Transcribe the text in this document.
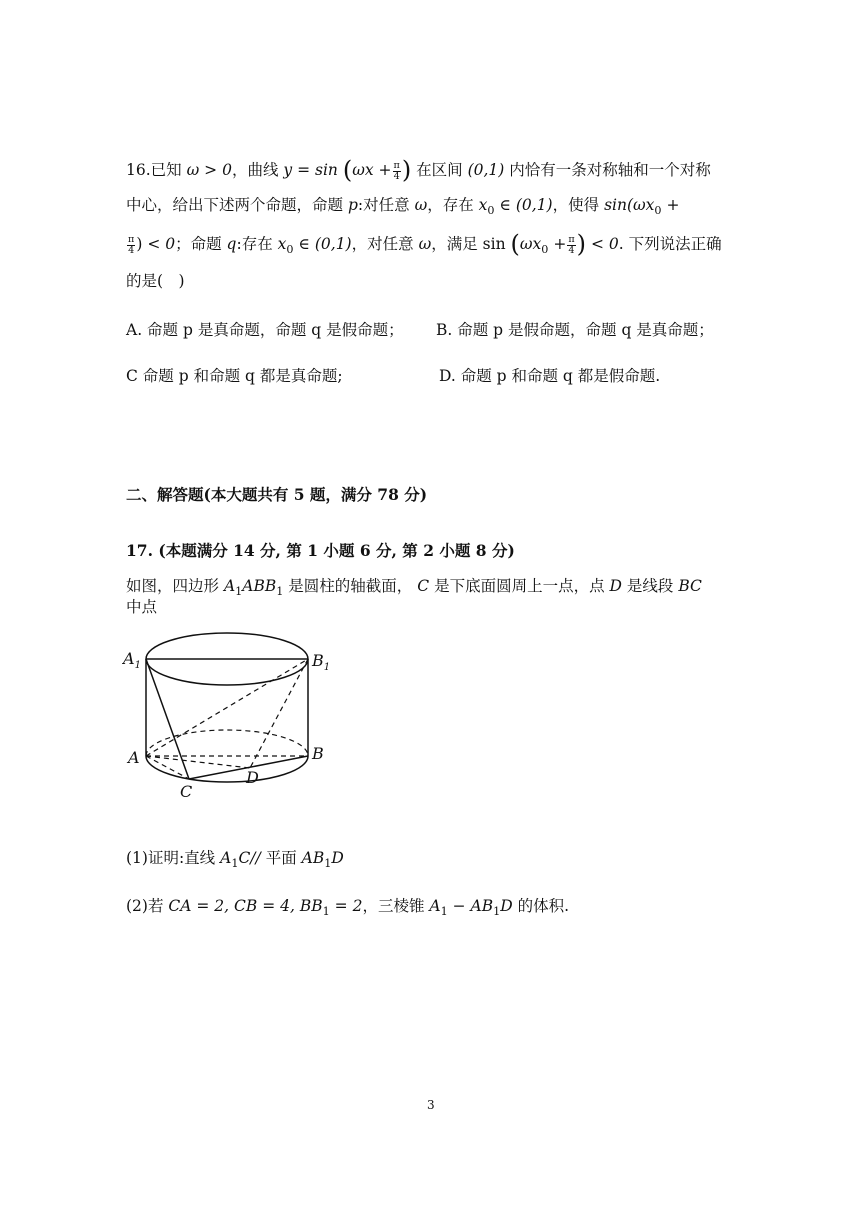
16.已知 ω > 0，曲线 $y = \sin (\omega x + \frac{\pi}{4}$ ) 在区间 (0,1) 内恰有一条对称轴和一个对称
中心，给出下述两个命题，命题 p:对任意 ω，存在 $x_0$ ∈ (0,1)，使得 $\sin(\omega x_0$ +
$\frac{\pi}{4}$ ) < 0；命题 q:存在 $x_0$ ∈ (0,1)，对任意 ω，满足 $\sin (\omega x_0 + \frac{\pi}{4}$ ) < 0. 下列说法正确
的是(　)
A. 命题 p 是真命题，命题 q 是假命题； B. 命题 p 是假命题，命题 q 是真命题；
C 命题 p 和命题 q 都是真命题;	D. 命题 p 和命题 q 都是假命题.
二、解答题(本大题共有 5 题，满分 78 分)
17. (本题满分 14 分, 第 1 小题 6 分, 第 2 小题 8 分)
如图，四边形 $A_1ABB_1$ 是圆柱的轴截面， C 是下底面圆周上一点，点 D 是线段 BC
中点
$A_1$	$B_1$
A	B
C
D
(1)证明:直线 $A_1C//$ 平面 $AB_1D$
(2)若 CA = 2, CB = 4, $BB_1 = 2$，三棱锥 $A_1 - AB_1D$ 的体积.
3
